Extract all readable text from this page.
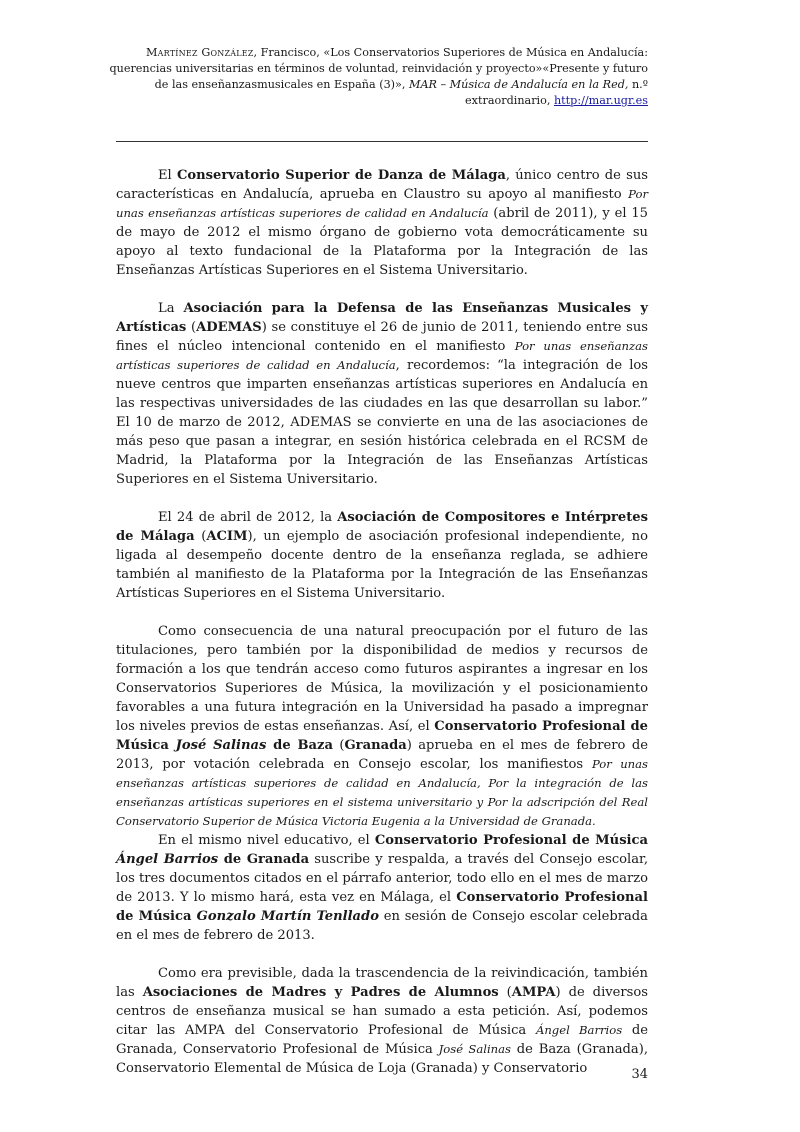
Martínez González, Francisco, «Los Conservatorios Superiores de Música en Andalucía: querencias universitarias en términos de voluntad, reinvidación y proyecto»«Presente y futuro de las enseñanzasmusicales en España (3)», MAR – Música de Andalucía en la Red, n.º extraordinario, http://mar.ugr.es

El Conservatorio Superior de Danza de Málaga, único centro de sus características en Andalucía, aprueba en Claustro su apoyo al manifiesto Por unas enseñanzas artísticas superiores de calidad en Andalucía (abril de 2011), y el 15 de mayo de 2012 el mismo órgano de gobierno vota democráticamente su apoyo al texto fundacional de la Plataforma por la Integración de las Enseñanzas Artísticas Superiores en el Sistema Universitario.

La Asociación para la Defensa de las Enseñanzas Musicales y Artísticas (ADEMAS) se constituye el 26 de junio de 2011, teniendo entre sus fines el núcleo intencional contenido en el manifiesto Por unas enseñanzas artísticas superiores de calidad en Andalucía, recordemos: “la integración de los nueve centros que imparten enseñanzas artísticas superiores en Andalucía en las respectivas universidades de las ciudades en las que desarrollan su labor.” El 10 de marzo de 2012, ADEMAS se convierte en una de las asociaciones de más peso que pasan a integrar, en sesión histórica celebrada en el RCSM de Madrid, la Plataforma por la Integración de las Enseñanzas Artísticas Superiores en el Sistema Universitario.

El 24 de abril de 2012, la Asociación de Compositores e Intérpretes de Málaga (ACIM), un ejemplo de asociación profesional independiente, no ligada al desempeño docente dentro de la enseñanza reglada, se adhiere también al manifiesto de la Plataforma por la Integración de las Enseñanzas Artísticas Superiores en el Sistema Universitario.

Como consecuencia de una natural preocupación por el futuro de las titulaciones, pero también por la disponibilidad de medios y recursos de formación a los que tendrán acceso como futuros aspirantes a ingresar en los Conservatorios Superiores de Música, la movilización y el posicionamiento favorables a una futura integración en la Universidad ha pasado a impregnar los niveles previos de estas enseñanzas. Así, el Conservatorio Profesional de Música José Salinas de Baza (Granada) aprueba en el mes de febrero de 2013, por votación celebrada en Consejo escolar, los manifiestos Por unas enseñanzas artísticas superiores de calidad en Andalucía, Por la integración de las enseñanzas artísticas superiores en el sistema universitario y Por la adscripción del Real Conservatorio Superior de Música Victoria Eugenia a la Universidad de Granada.

En el mismo nivel educativo, el Conservatorio Profesional de Música Ángel Barrios de Granada suscribe y respalda, a través del Consejo escolar, los tres documentos citados en el párrafo anterior, todo ello en el mes de marzo de 2013. Y lo mismo hará, esta vez en Málaga, el Conservatorio Profesional de Música Gonzalo Martín Tenllado en sesión de Consejo escolar celebrada en el mes de febrero de 2013.

Como era previsible, dada la trascendencia de la reivindicación, también las Asociaciones de Madres y Padres de Alumnos (AMPA) de diversos centros de enseñanza musical se han sumado a esta petición. Así, podemos citar las AMPA del Conservatorio Profesional de Música Ángel Barrios de Granada, Conservatorio Profesional de Música José Salinas de Baza (Granada), Conservatorio Elemental de Música de Loja (Granada) y Conservatorio	34
